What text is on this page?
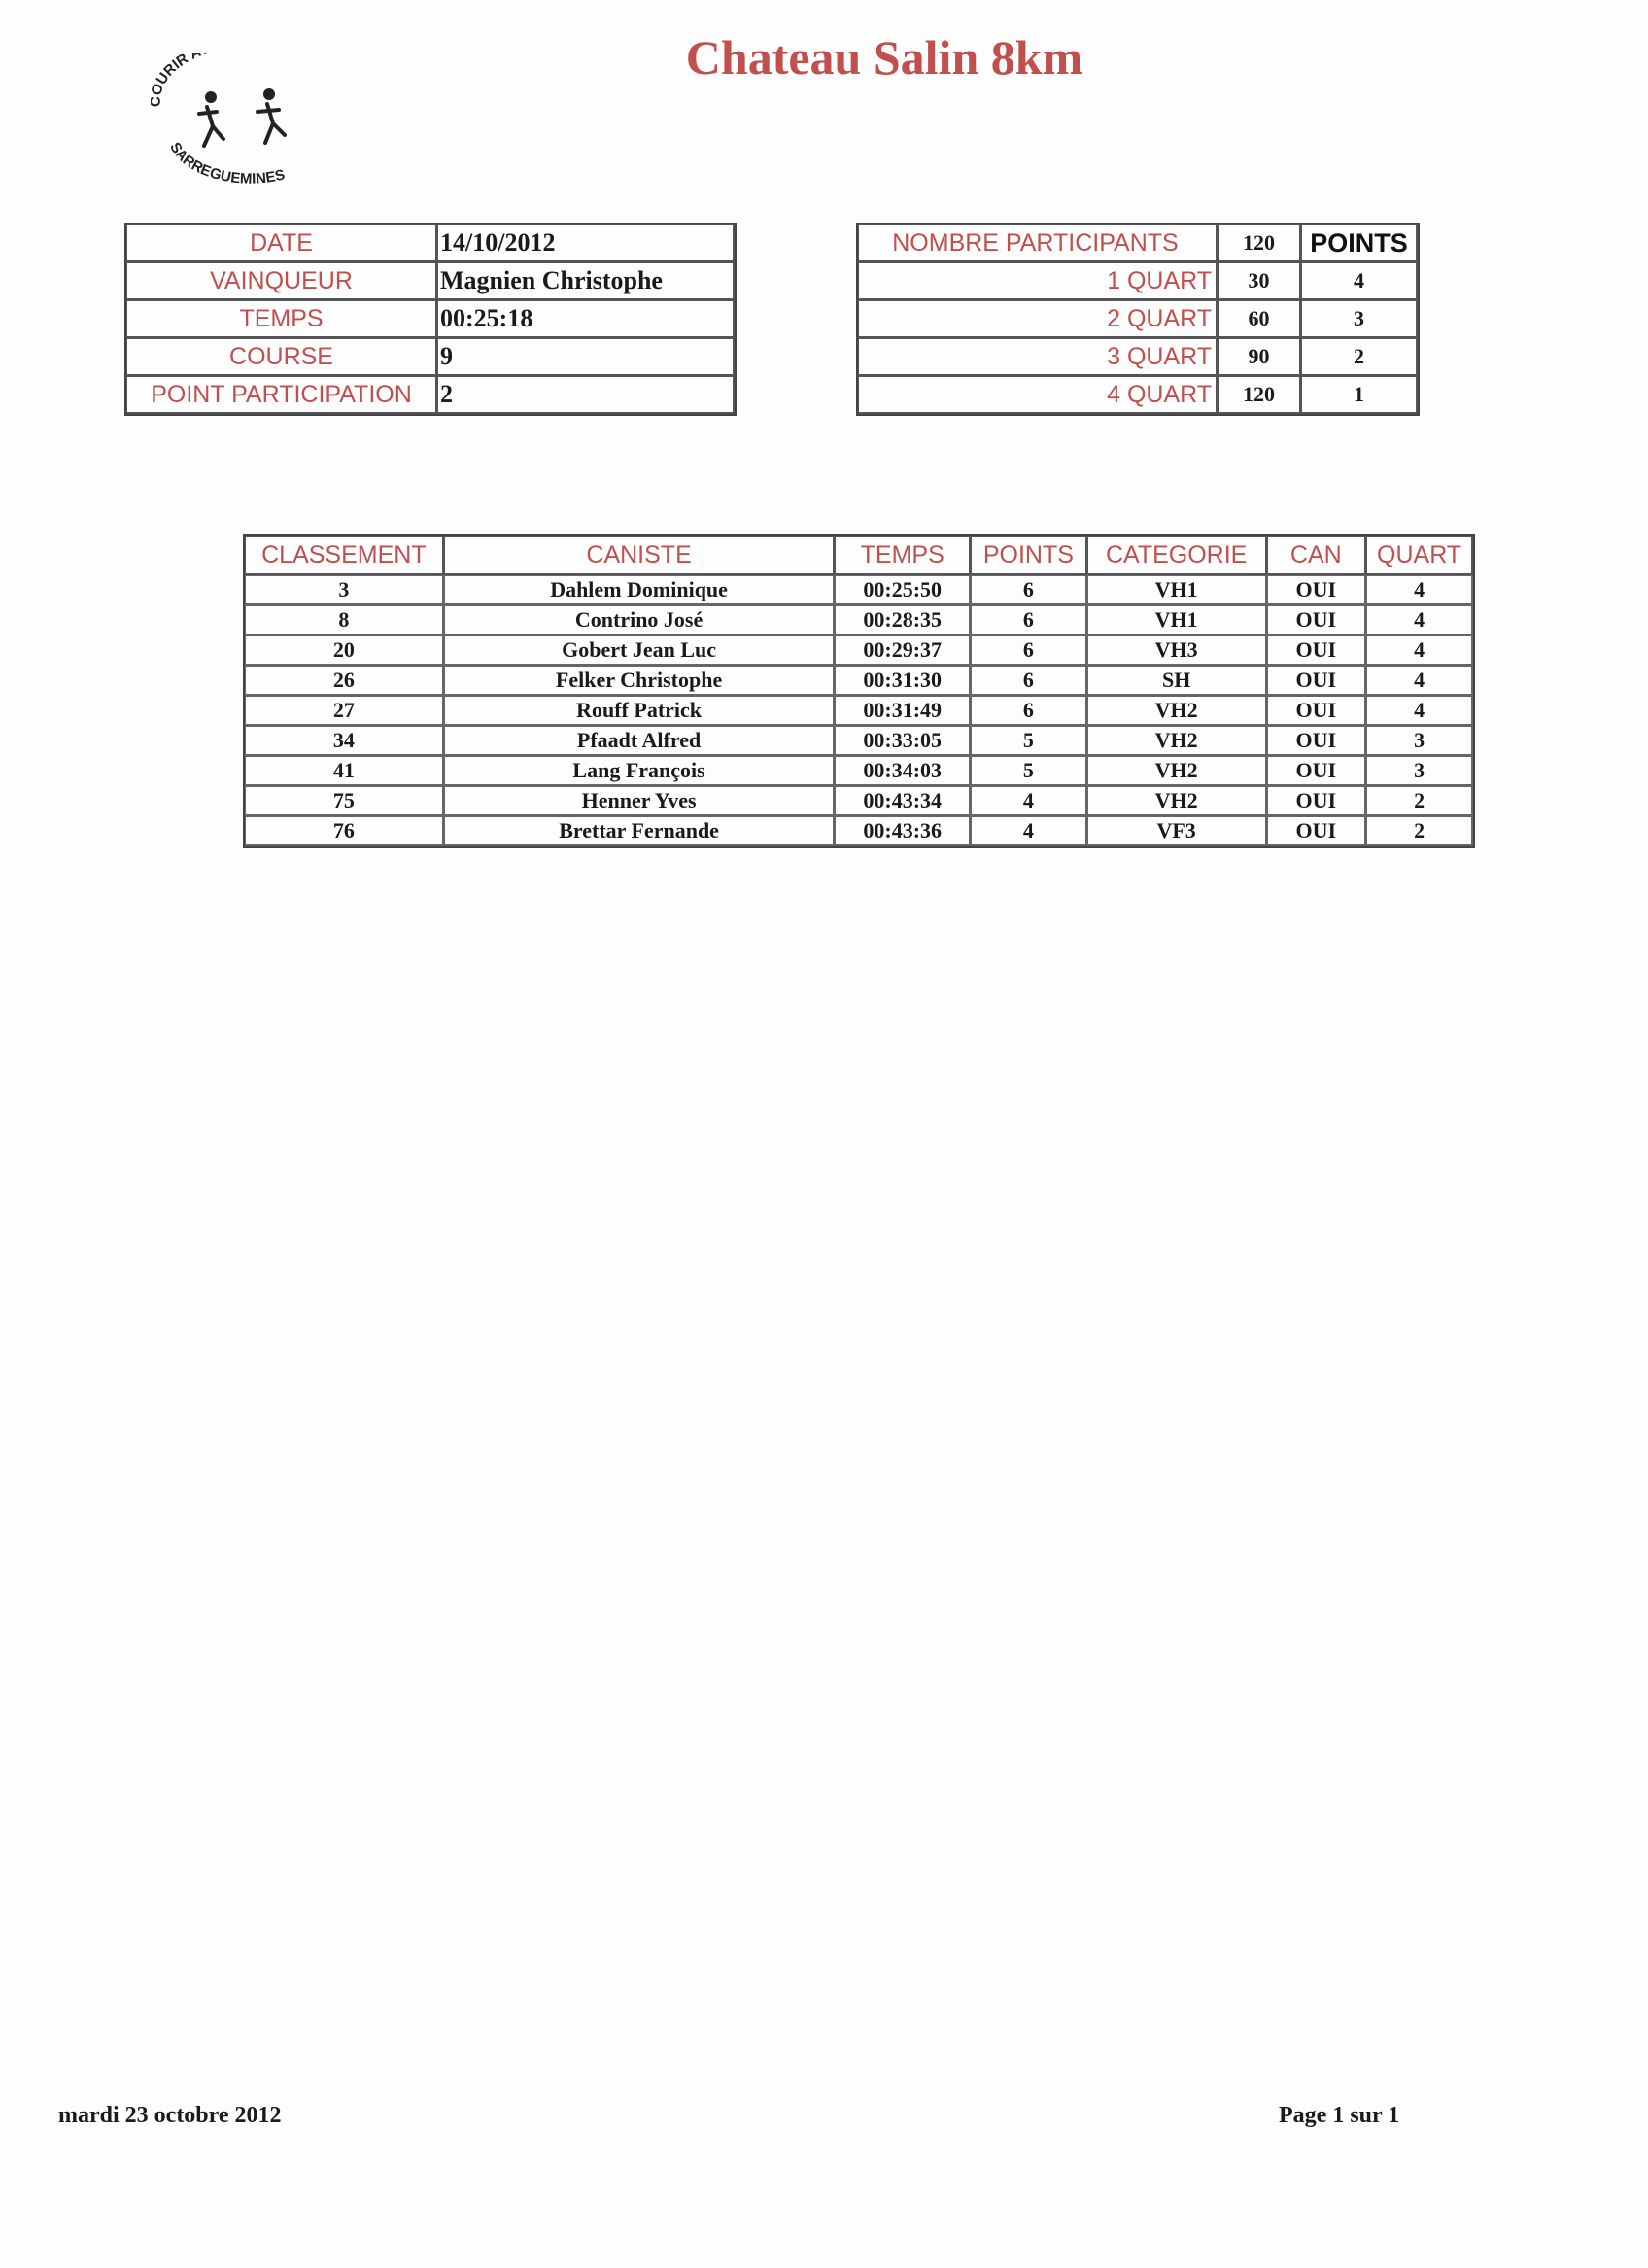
Chateau Salin 8km
URIR A
SARREGUEMINES
DATE	14/10/2012
VAINQUEUR	Magnien Christophe
TEMPS	00:25:18
COURSE	9
POINT PARTICIPATION	2
NOMBRE PARTICIPANTS	120	POINTS
1 QUART	30	4
2 QUART	60	3
3 QUART	90	2
4 QUART	120	1
CLASSEMENT	CANISTE	TEMPS	POINTS	CATEGORIE	CAN	QUART
3	Dahlem Dominique	00:25:50	6	VH1	OUI	4
8	Contrino José	00:28:35	6	VH1	OUI	4
20	Gobert Jean Luc	00:29:37	6	VH3	OUI	4
26	Felker Christophe	00:31:30	6	SH	OUI	4
27	Rouff Patrick	00:31:49	6	VH2	OUI	4
34	Pfaadt Alfred	00:33:05	5	VH2	OUI	3
41	Lang François	00:34:03	5	VH2	OUI	3
75	Henner Yves	00:43:34	4	VH2	OUI	2
76	Brettar Fernande	00:43:36	4	VF3	OUI	2
mardi 23 octobre 2012	Page 1 sur 1
